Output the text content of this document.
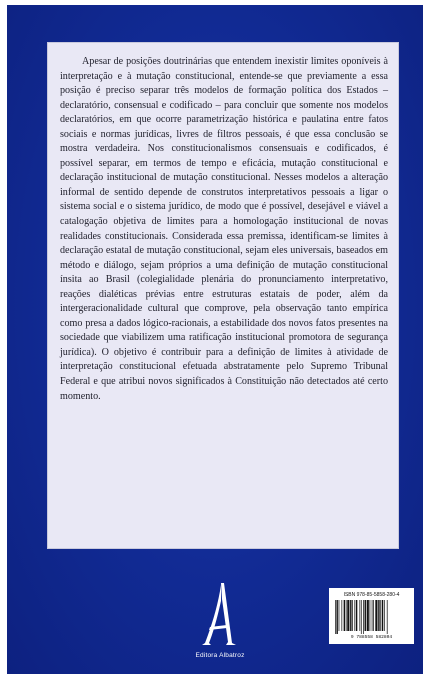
Apesar de posições doutrinárias que entendem inexistir limites oponíveis à interpretação e à mutação constitucional, entende-se que previamente a essa posição é preciso separar três modelos de formação política dos Estados – declaratório, consensual e codificado – para concluir que somente nos modelos declaratórios, em que ocorre parametrização histórica e paulatina entre fatos sociais e normas jurídicas, livres de filtros pessoais, é que essa conclusão se mostra verdadeira. Nos constitucionalismos consensuais e codificados, é possível separar, em termos de tempo e eficácia, mutação constitucional e declaração institucional de mutação constitucional. Nesses modelos a alteração informal de sentido depende de construtos interpretativos pessoais a ligar o sistema social e o sistema jurídico, de modo que é possível, desejável e viável a catalogação objetiva de limites para a homologação institucional de novas realidades constitucionais. Considerada essa premissa, identificam-se limites à declaração estatal de mutação constitucional, sejam eles universais, baseados em método e diálogo, sejam próprios a uma definição de mutação constitucional ínsita ao Brasil (colegialidade plenária do pronunciamento interpretativo, reações dialéticas prévias entre estruturas estatais de poder, além da intergeracionalidade cultural que comprove, pela observação tanto empírica como presa a dados lógico-racionais, a estabilidade dos novos fatos presentes na sociedade que viabilizem uma ratificação institucional promotora de segurança jurídica). O objetivo é contribuir para a definição de limites à atividade de interpretação constitucional efetuada abstratamente pelo Supremo Tribunal Federal e que atribui novos significados à Constituição não detectados até certo momento.

Editora Albatroz
ISBN 978-85-5858-280-4
9 788558 582804
